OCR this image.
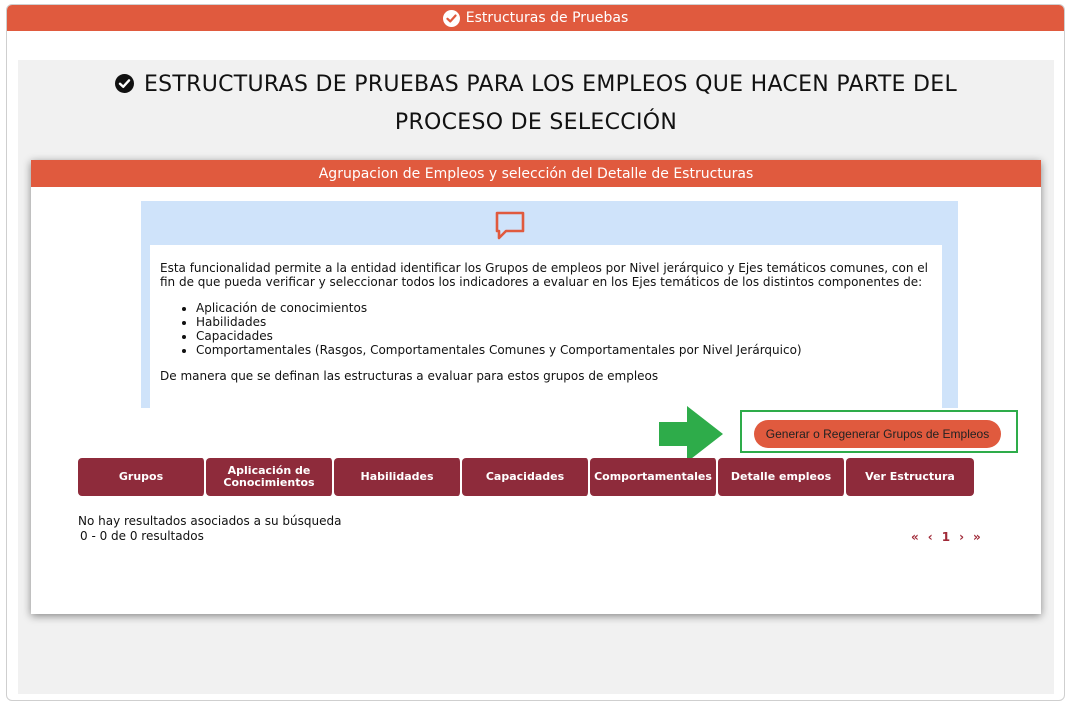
Estructuras de Pruebas
ESTRUCTURAS DE PRUEBAS PARA LOS EMPLEOS QUE HACEN PARTE DEL
PROCESO DE SELECCIÓN
Agrupacion de Empleos y selección del Detalle de Estructuras

Esta funcionalidad permite a la entidad identificar los Grupos de empleos por Nivel jerárquico y Ejes temáticos comunes, con el fin de que pueda verificar y seleccionar todos los indicadores a evaluar en los Ejes temáticos de los distintos componentes de:

• Aplicación de conocimientos
• Habilidades
• Capacidades
• Comportamentales (Rasgos, Comportamentales Comunes y Comportamentales por Nivel Jerárquico)

De manera que se definan las estructuras a evaluar para estos grupos de empleos

Generar o Regenerar Grupos de Empleos
Grupos	Aplicación de Conocimientos	Habilidades	Capacidades	Comportamentales	Detalle empleos	Ver Estructura
No hay resultados asociados a su búsqueda
0 - 0 de 0 resultados	« ‹ 1 › »
